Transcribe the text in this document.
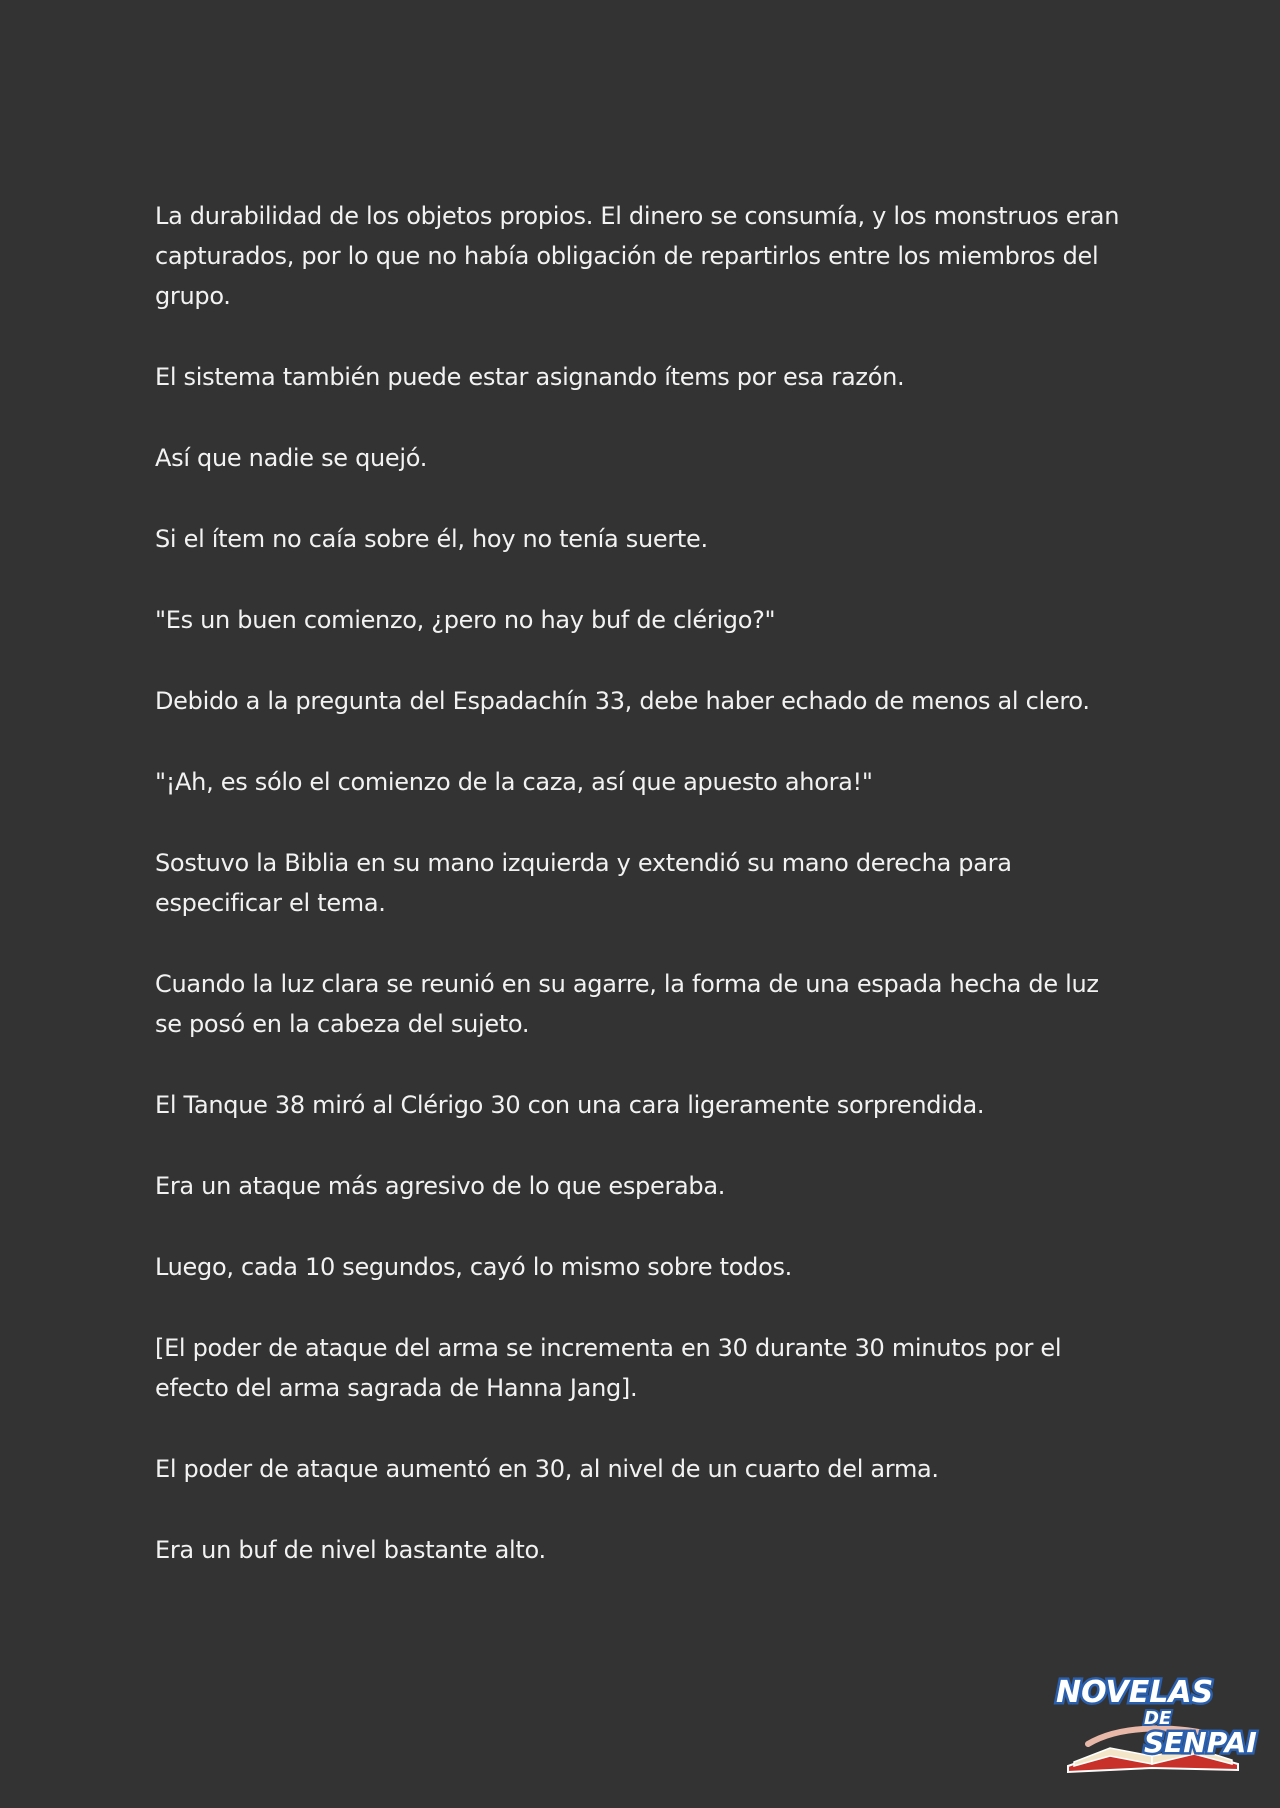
La durabilidad de los objetos propios. El dinero se consumía, y los monstruos eran capturados, por lo que no había obligación de repartirlos entre los miembros del grupo.

El sistema también puede estar asignando ítems por esa razón.

Así que nadie se quejó.

Si el ítem no caía sobre él, hoy no tenía suerte.

"Es un buen comienzo, ¿pero no hay buf de clérigo?"

Debido a la pregunta del Espadachín 33, debe haber echado de menos al clero.

"¡Ah, es sólo el comienzo de la caza, así que apuesto ahora!"

Sostuvo la Biblia en su mano izquierda y extendió su mano derecha para especificar el tema.

Cuando la luz clara se reunió en su agarre, la forma de una espada hecha de luz se posó en la cabeza del sujeto.

El Tanque 38 miró al Clérigo 30 con una cara ligeramente sorprendida.

Era un ataque más agresivo de lo que esperaba.

Luego, cada 10 segundos, cayó lo mismo sobre todos.

[El poder de ataque del arma se incrementa en 30 durante 30 minutos por el efecto del arma sagrada de Hanna Jang].

El poder de ataque aumentó en 30, al nivel de un cuarto del arma.

Era un buf de nivel bastante alto.

NOVELAS
DE
SENPAI
